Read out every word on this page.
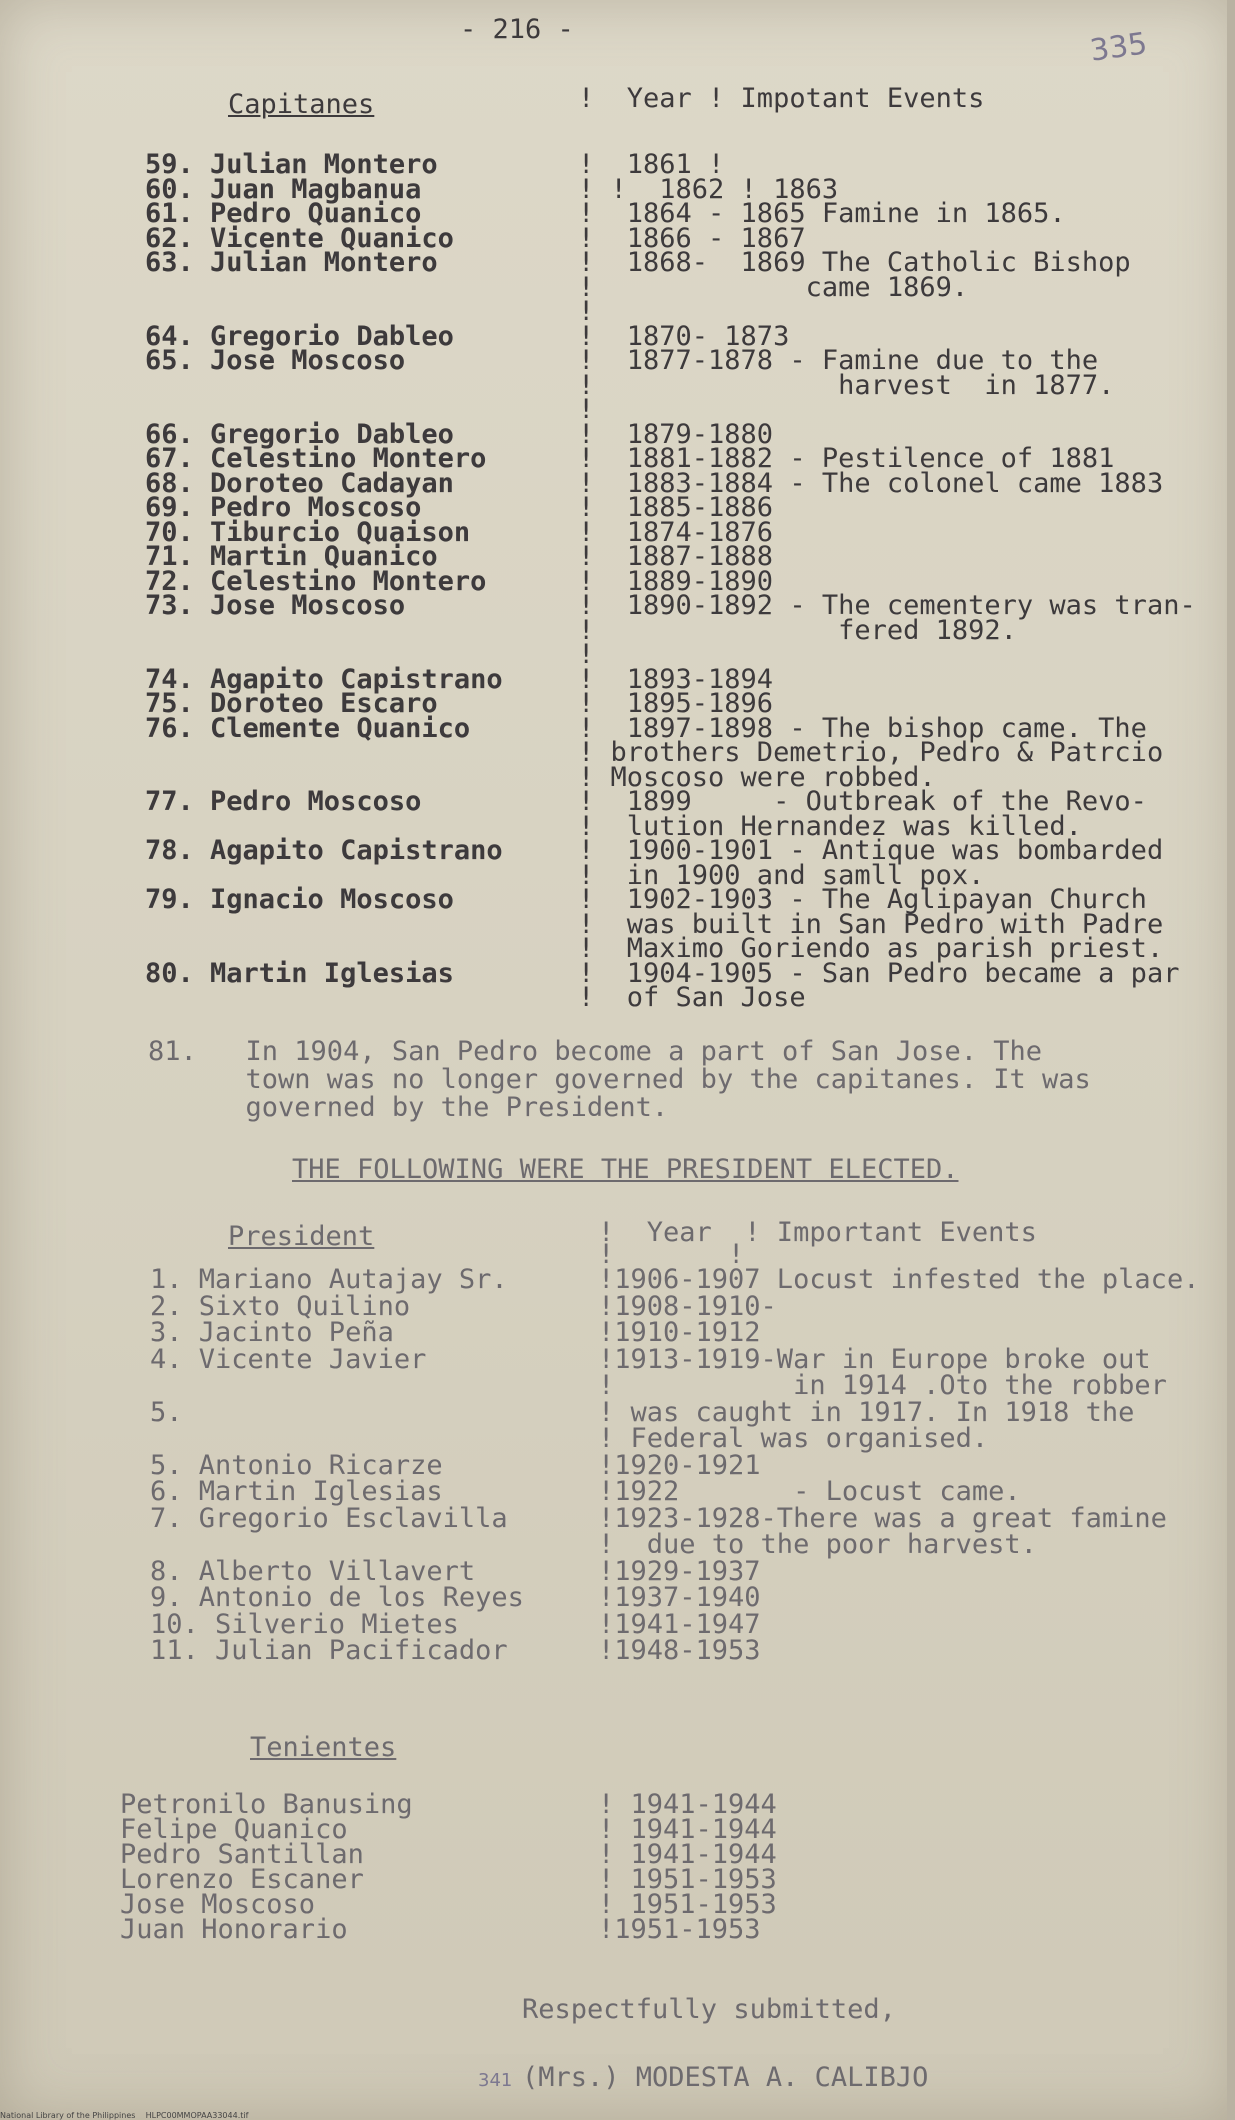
- 216 -	335
Capitanes	!  Year ! Impotant Events
59. Julian Montero	!  1861 !
60. Juan Magbanua	! !  1862 ! 1863
61. Pedro Quanico	!  1864 - 1865 Famine in 1865.
62. Vicente Quanico	!  1866 - 1867
63. Julian Montero	!  1868-  1869 The Catholic Bishop
!             came 1869.
!
64. Gregorio Dableo	!  1870- 1873
65. Jose Moscoso	!  1877-1878 - Famine due to the
!               harvest  in 1877.
!
66. Gregorio Dableo	!  1879-1880
67. Celestino Montero	!  1881-1882 - Pestilence of 1881
68. Doroteo Cadayan	!  1883-1884 - The colonel came 1883
69. Pedro Moscoso	!  1885-1886
70. Tiburcio Quaison	!  1874-1876
71. Martin Quanico	!  1887-1888
72. Celestino Montero	!  1889-1890
73. Jose Moscoso	!  1890-1892 - The cementery was tran-
!               fered 1892.
!
74. Agapito Capistrano	!  1893-1894
75. Doroteo Escaro	!  1895-1896
76. Clemente Quanico	!  1897-1898 - The bishop came. The
! brothers Demetrio, Pedro & Patrcio
! Moscoso were robbed.
77. Pedro Moscoso	!  1899     - Outbreak of the Revo-
!  lution Hernandez was killed.
78. Agapito Capistrano	!  1900-1901 - Antique was bombarded
!  in 1900 and samll pox.
79. Ignacio Moscoso	!  1902-1903 - The Aglipayan Church
!  was built in San Pedro with Padre
!  Maximo Goriendo as parish priest.
80. Martin Iglesias	!  1904-1905 - San Pedro became a par
!  of San Jose
81.   In 1904, San Pedro become a part of San Jose. The
town was no longer governed by the capitanes. It was
governed by the President.
THE FOLLOWING WERE THE PRESIDENT ELECTED.
President	!  Year  ! Important Events
!       !
1. Mariano Autajay Sr.	!1906-1907 Locust infested the place.
2. Sixto Quilino	!1908-1910-
3. Jacinto Peña	!1910-1912
4. Vicente Javier	!1913-1919-War in Europe broke out
!           in 1914 .Oto the robber
5.	! was caught in 1917. In 1918 the
! Federal was organised.
5. Antonio Ricarze	!1920-1921
6. Martin Iglesias	!1922       - Locust came.
7. Gregorio Esclavilla	!1923-1928-There was a great famine
!  due to the poor harvest.
8. Alberto Villavert	!1929-1937
9. Antonio de los Reyes	!1937-1940
10. Silverio Mietes	!1941-1947
11. Julian Pacificador	!1948-1953
Tenientes
Petronilo Banusing	! 1941-1944
Felipe Quanico	! 1941-1944
Pedro Santillan	! 1941-1944
Lorenzo Escaner	! 1951-1953
Jose Moscoso	! 1951-1953
Juan Honorario	!1951-1953
Respectfully submitted,
341 (Mrs.) MODESTA A. CALIBJO
National Library of the Philippines    HLPC00MMOPAA33044.tif
